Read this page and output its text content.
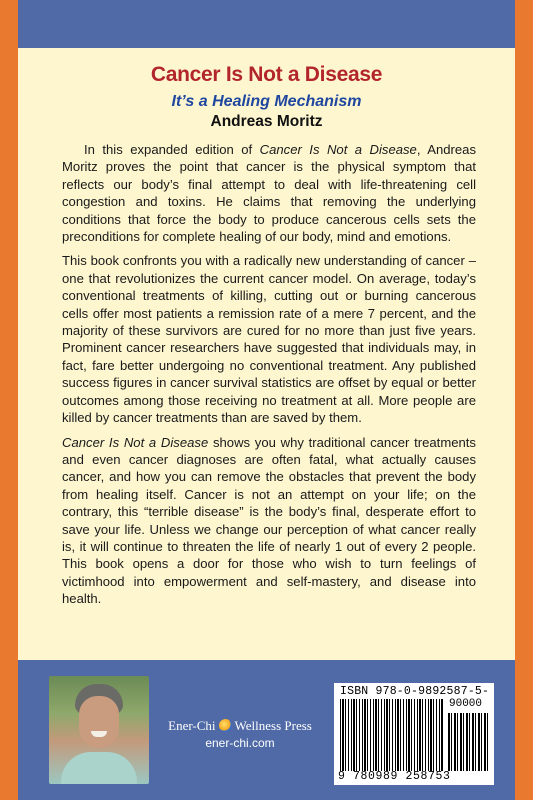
Cancer Is Not a Disease
It’s a Healing Mechanism
Andreas Moritz

In this expanded edition of Cancer Is Not a Disease, Andreas Moritz proves the point that cancer is the physical symptom that reflects our body’s final attempt to deal with life-threatening cell congestion and toxins. He claims that removing the underlying conditions that force the body to produce cancerous cells sets the preconditions for complete healing of our body, mind and emotions.

This book confronts you with a radically new understanding of cancer – one that revolutionizes the current cancer model. On average, today’s conventional treatments of killing, cutting out or burning cancerous cells offer most patients a remission rate of a mere 7 percent, and the majority of these survivors are cured for no more than just five years. Prominent cancer researchers have suggested that individuals may, in fact, fare better undergoing no conventional treatment. Any published success figures in cancer survival statistics are offset by equal or better outcomes among those receiving no treatment at all. More people are killed by cancer treatments than are saved by them.

Cancer Is Not a Disease shows you why traditional cancer treatments and even cancer diagnoses are often fatal, what actually causes cancer, and how you can remove the obstacles that prevent the body from healing itself. Cancer is not an attempt on your life; on the contrary, this “terrible disease” is the body’s final, desperate effort to save your life. Unless we change our perception of what cancer really is, it will continue to threaten the life of nearly 1 out of every 2 people. This book opens a door for those who wish to turn feelings of victimhood into empowerment and self-mastery, and disease into health.

Ener-Chi Wellness Press
ener-chi.com
ISBN 978-0-9892587-5-
90000
9 780989 258753
